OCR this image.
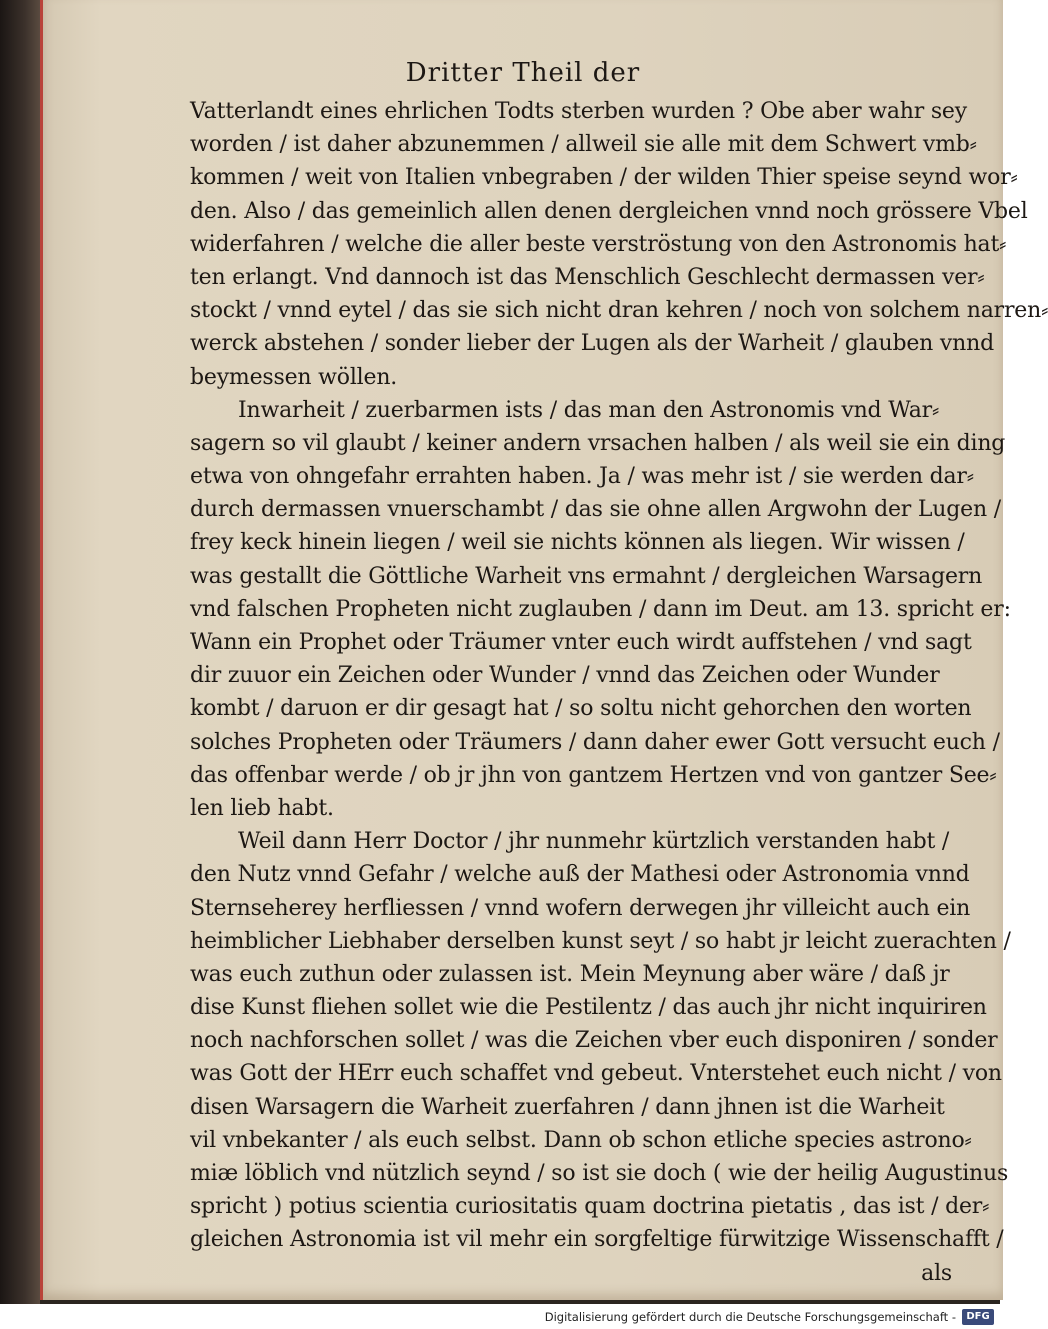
Dritter Theil der
Vatterlandt eines ehrlichen Todts sterben wurden ? Obe aber wahr sey
worden / ist daher abzunemmen / allweil sie alle mit dem Schwert vmb⸗
kommen / weit von Italien vnbegraben / der wilden Thier speise seynd wor⸗
den. Also / das gemeinlich allen denen dergleichen vnnd noch grössere Vbel
widerfahren / welche die aller beste verströstung von den Astronomis hat⸗
ten erlangt. Vnd dannoch ist das Menschlich Geschlecht dermassen ver⸗
stockt / vnnd eytel / das sie sich nicht dran kehren / noch von solchem narren⸗
werck abstehen / sonder lieber der Lugen als der Warheit / glauben vnnd
beymessen wöllen.
Inwarheit / zuerbarmen ists / das man den Astronomis vnd War⸗
sagern so vil glaubt / keiner andern vrsachen halben / als weil sie ein ding
etwa von ohngefahr errahten haben. Ja / was mehr ist / sie werden dar⸗
durch dermassen vnuerschambt / das sie ohne allen Argwohn der Lugen /
frey keck hinein liegen / weil sie nichts können als liegen. Wir wissen /
was gestallt die Göttliche Warheit vns ermahnt / dergleichen Warsagern
vnd falschen Propheten nicht zuglauben / dann im Deut. am 13. spricht er:
Wann ein Prophet oder Träumer vnter euch wirdt auffstehen / vnd sagt
dir zuuor ein Zeichen oder Wunder / vnnd das Zeichen oder Wunder
kombt / daruon er dir gesagt hat / so soltu nicht gehorchen den worten
solches Propheten oder Träumers / dann daher ewer Gott versucht euch /
das offenbar werde / ob jr jhn von gantzem Hertzen vnd von gantzer See⸗
len lieb habt.
Weil dann Herr Doctor / jhr nunmehr kürtzlich verstanden habt /
den Nutz vnnd Gefahr / welche auß der Mathesi oder Astronomia vnnd
Sternseherey herfliessen / vnnd wofern derwegen jhr villeicht auch ein
heimblicher Liebhaber derselben kunst seyt / so habt jr leicht zuerachten /
was euch zuthun oder zulassen ist. Mein Meynung aber wäre / daß jr
dise Kunst fliehen sollet wie die Pestilentz / das auch jhr nicht inquiriren
noch nachforschen sollet / was die Zeichen vber euch disponiren / sonder
was Gott der HErr euch schaffet vnd gebeut. Vnterstehet euch nicht / von
disen Warsagern die Warheit zuerfahren / dann jhnen ist die Warheit
vil vnbekanter / als euch selbst. Dann ob schon etliche species astrono⸗
miæ löblich vnd nützlich seynd / so ist sie doch ( wie der heilig Augustinus
spricht ) potius scientia curiositatis quam doctrina pietatis , das ist / der⸗
gleichen Astronomia ist vil mehr ein sorgfeltige fürwitzige Wissenschafft /
als
Digitalisierung gefördert durch die Deutsche Forschungsgemeinschaft -	DFG
